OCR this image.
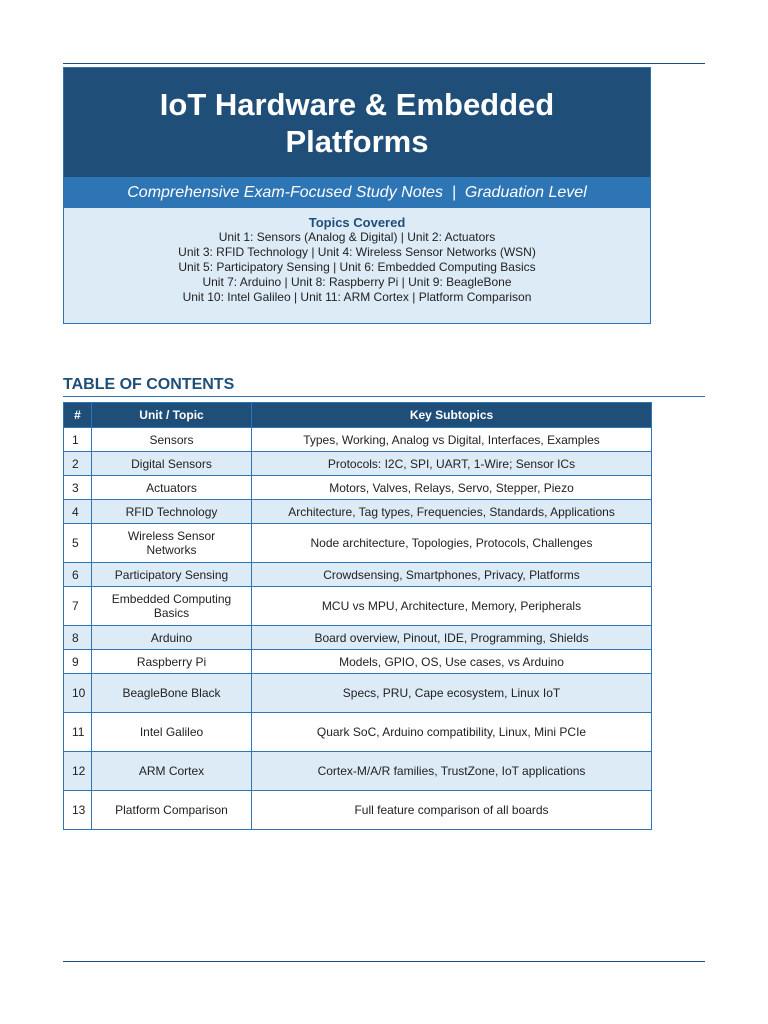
IoT Hardware & Embedded Platforms
Comprehensive Exam-Focused Study Notes  |  Graduation Level
Topics Covered
Unit 1: Sensors (Analog & Digital) | Unit 2: Actuators
Unit 3: RFID Technology | Unit 4: Wireless Sensor Networks (WSN)
Unit 5: Participatory Sensing | Unit 6: Embedded Computing Basics
Unit 7: Arduino | Unit 8: Raspberry Pi | Unit 9: BeagleBone
Unit 10: Intel Galileo | Unit 11: ARM Cortex | Platform Comparison
TABLE OF CONTENTS
#	Unit / Topic	Key Subtopics
1	Sensors	Types, Working, Analog vs Digital, Interfaces, Examples
2	Digital Sensors	Protocols: I2C, SPI, UART, 1-Wire; Sensor ICs
3	Actuators	Motors, Valves, Relays, Servo, Stepper, Piezo
4	RFID Technology	Architecture, Tag types, Frequencies, Standards, Applications
5	Wireless Sensor Networks	Node architecture, Topologies, Protocols, Challenges
6	Participatory Sensing	Crowdsensing, Smartphones, Privacy, Platforms
7	Embedded Computing Basics	MCU vs MPU, Architecture, Memory, Peripherals
8	Arduino	Board overview, Pinout, IDE, Programming, Shields
9	Raspberry Pi	Models, GPIO, OS, Use cases, vs Arduino
10	BeagleBone Black	Specs, PRU, Cape ecosystem, Linux IoT
11	Intel Galileo	Quark SoC, Arduino compatibility, Linux, Mini PCIe
12	ARM Cortex	Cortex-M/A/R families, TrustZone, IoT applications
13	Platform Comparison	Full feature comparison of all boards
